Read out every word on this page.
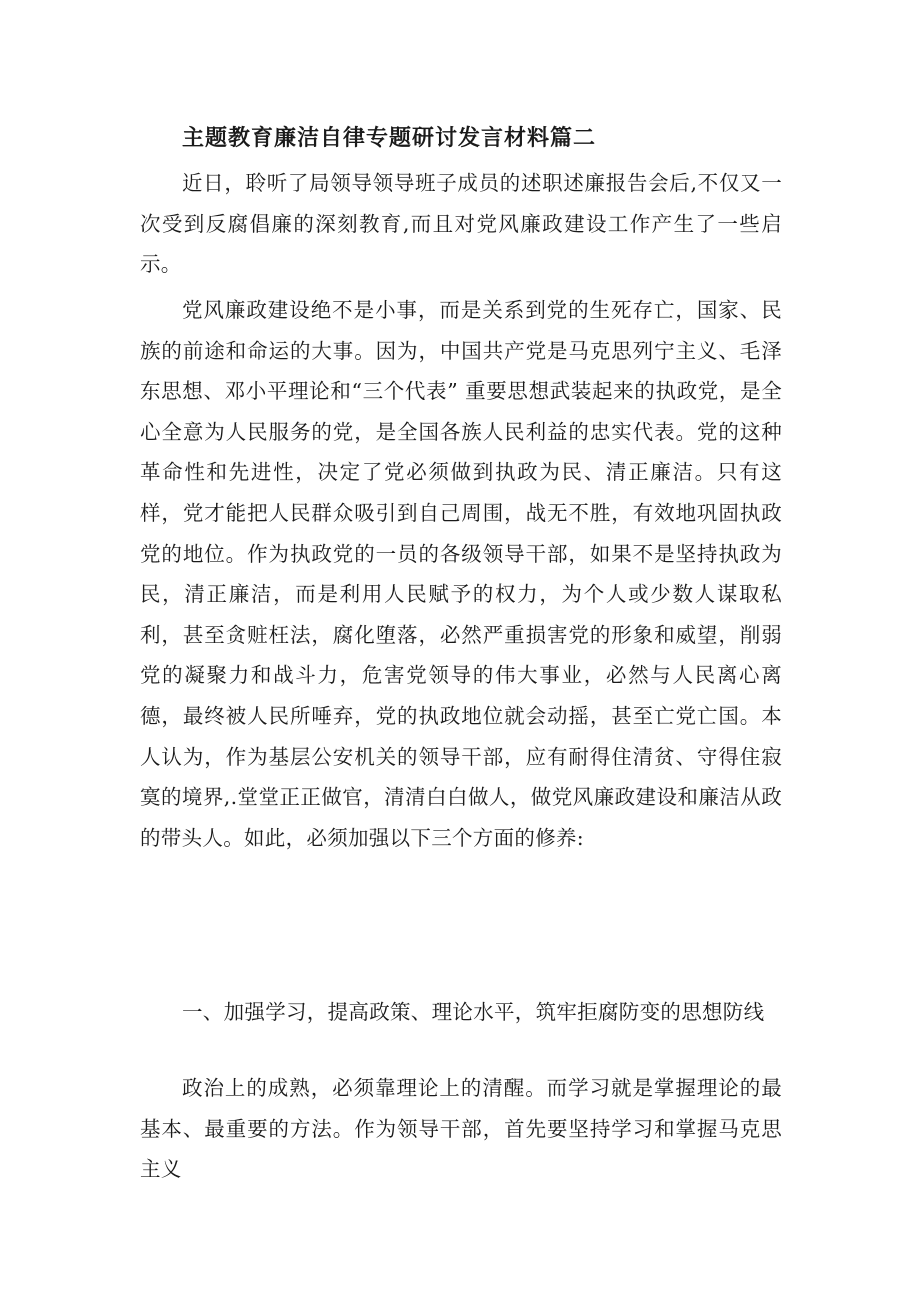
主题教育廉洁自律专题研讨发言材料篇二

近日，聆听了局领导领导班子成员的述职述廉报告会后,不仅又一次受到反腐倡廉的深刻教育,而且对党风廉政建设工作产生了一些启示。

党风廉政建设绝不是小事，而是关系到党的生死存亡，国家、民族的前途和命运的大事。因为，中国共产党是马克思列宁主义、毛泽东思想、邓小平理论和“三个代表” 重要思想武装起来的执政党，是全心全意为人民服务的党，是全国各族人民利益的忠实代表。党的这种革命性和先进性，决定了党必须做到执政为民、清正廉洁。只有这样，党才能把人民群众吸引到自己周围，战无不胜，有效地巩固执政党的地位。作为执政党的一员的各级领导干部，如果不是坚持执政为民，清正廉洁，而是利用人民赋予的权力，为个人或少数人谋取私利，甚至贪赃枉法，腐化堕落，必然严重损害党的形象和威望，削弱党的凝聚力和战斗力，危害党领导的伟大事业，必然与人民离心离德，最终被人民所唾弃，党的执政地位就会动摇，甚至亡党亡国。本人认为，作为基层公安机关的领导干部，应有耐得住清贫、守得住寂寞的境界,.堂堂正正做官，清清白白做人，做党风廉政建设和廉洁从政的带头人。如此，必须加强以下三个方面的修养:

一、加强学习，提高政策、理论水平，筑牢拒腐防变的思想防线

政治上的成熟，必须靠理论上的清醒。而学习就是掌握理论的最基本、最重要的方法。作为领导干部，首先要坚持学习和掌握马克思主义
